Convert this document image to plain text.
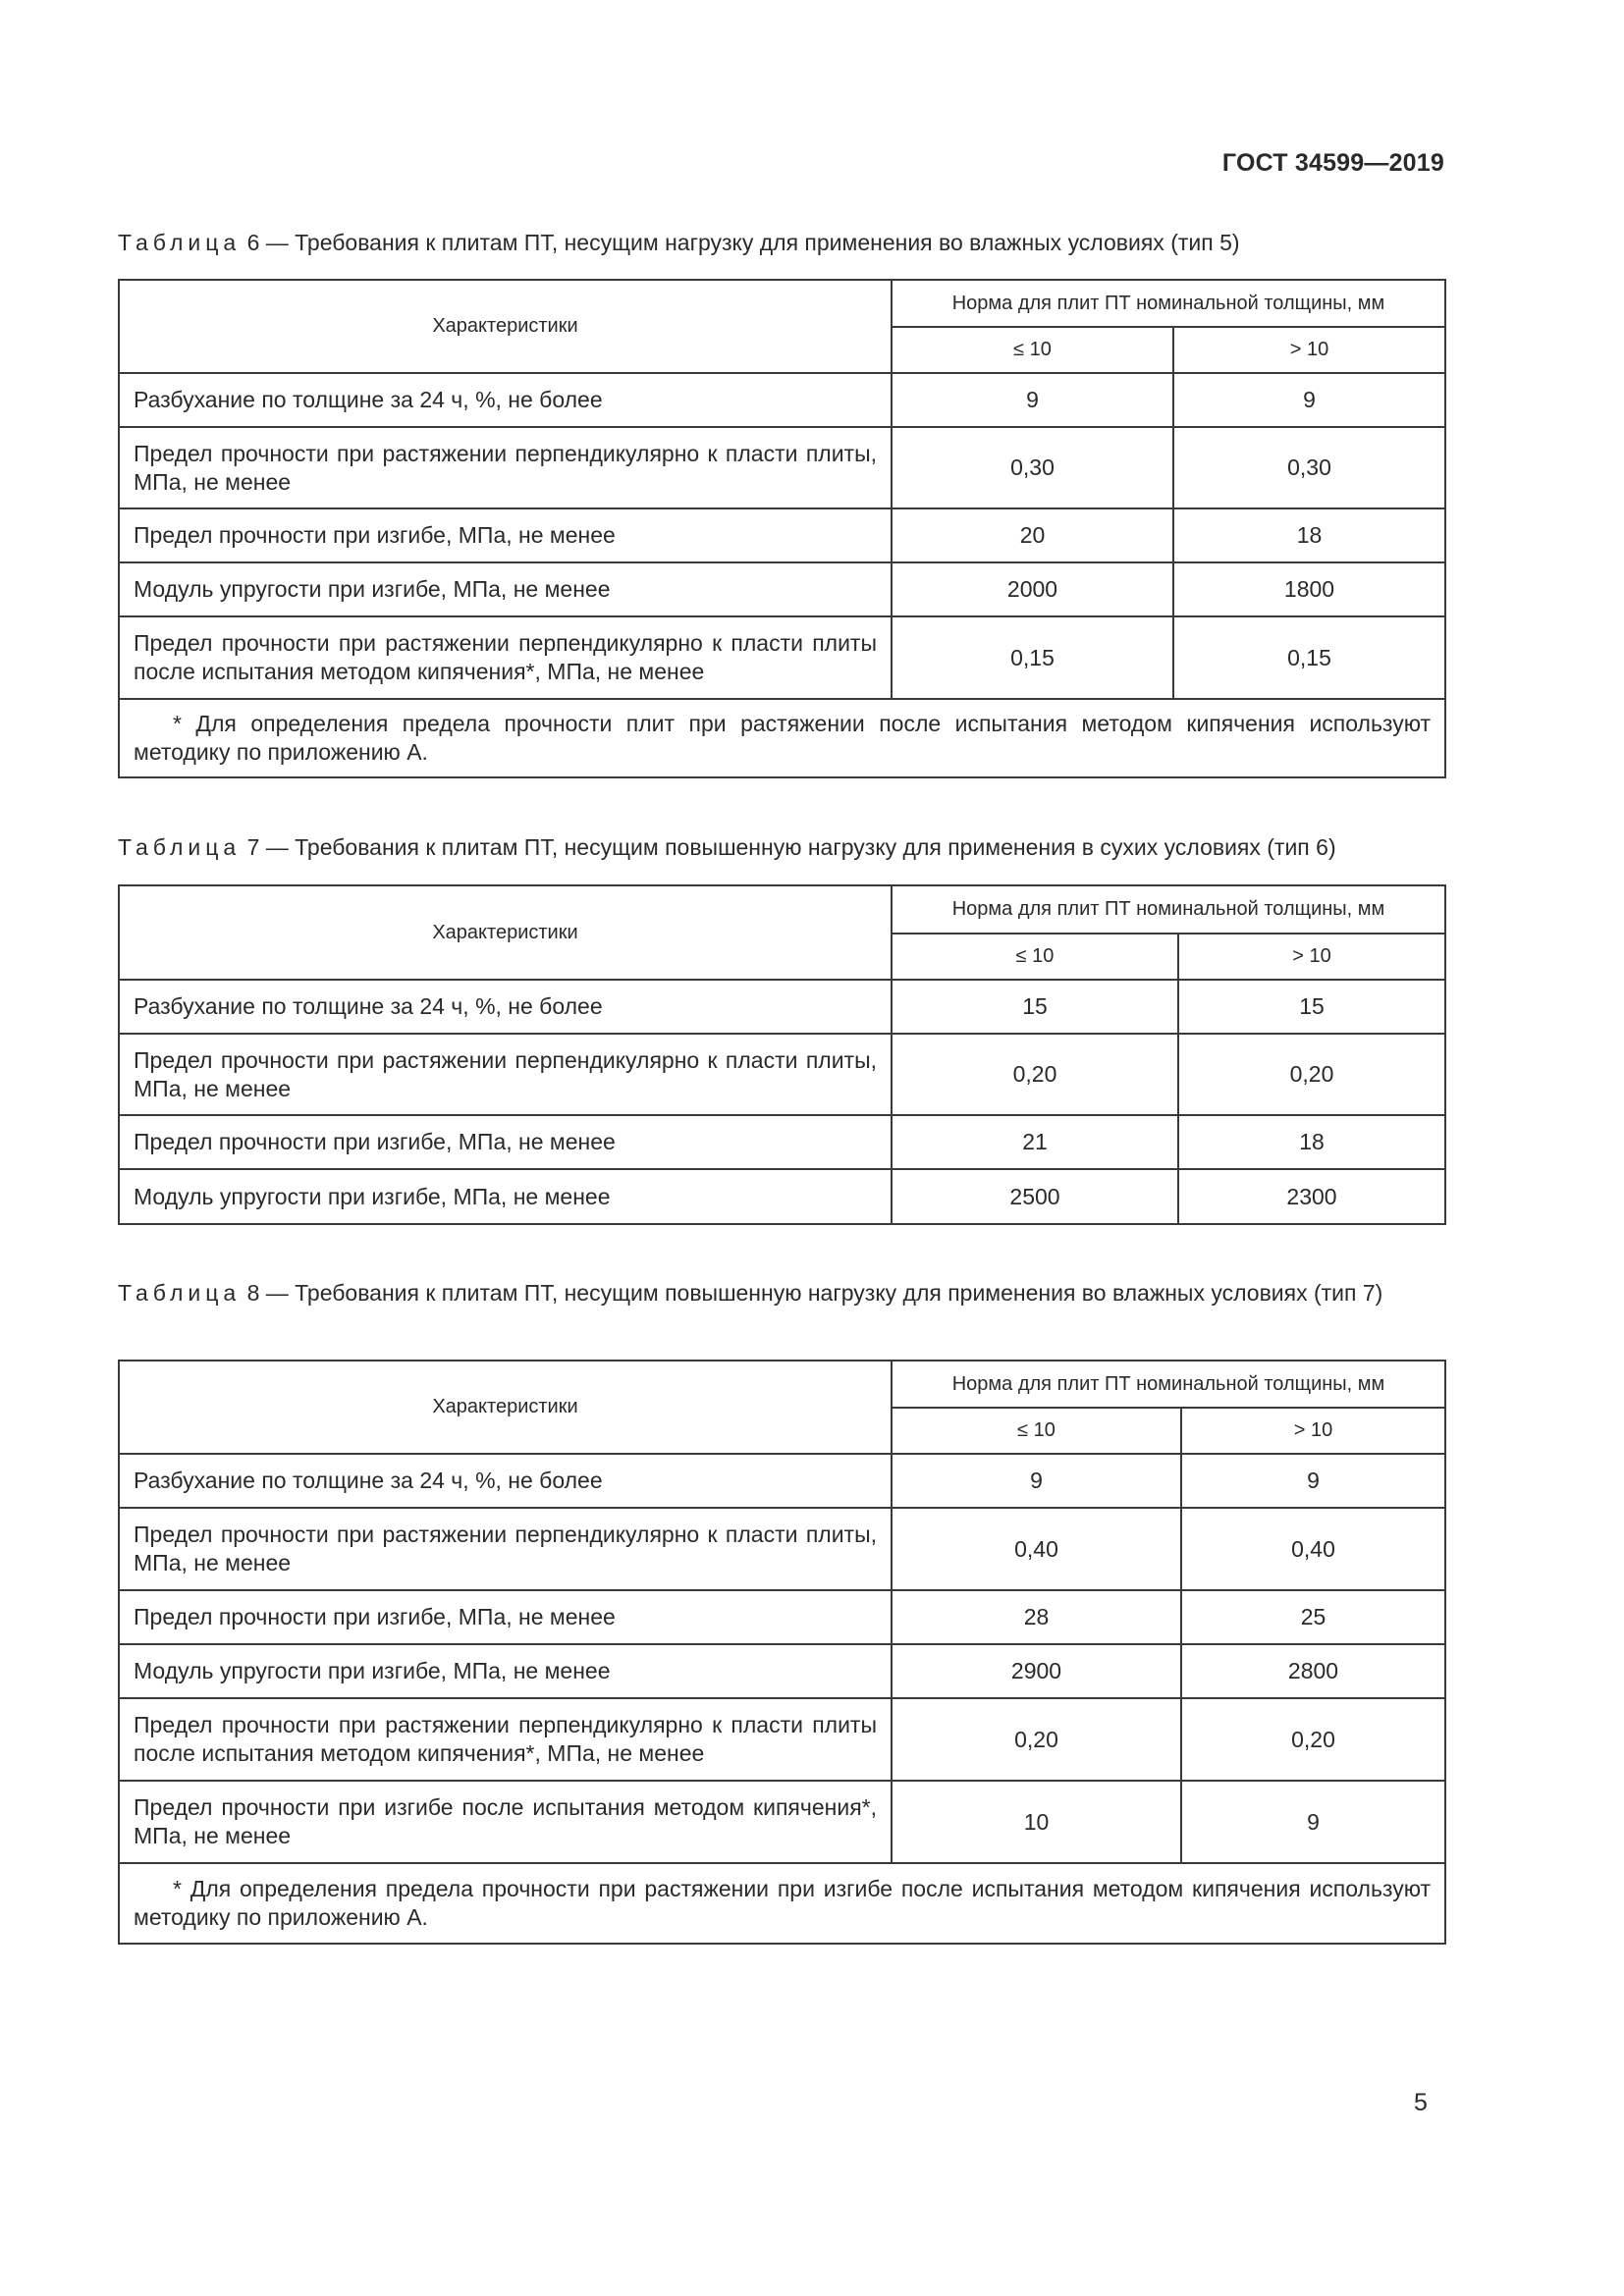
ГОСТ 34599—2019
Таблица 6 — Требования к плитам ПТ, несущим нагрузку для применения во влажных условиях (тип 5)
Характеристики	Норма для плит ПТ номинальной толщины, мм	
	≤ 10	> 10
Разбухание по толщине за 24 ч, %, не более	9	9
Предел прочности при растяжении перпендикулярно к пласти плиты, МПа, не менее	0,30	0,30
Предел прочности при изгибе, МПа, не менее	20	18
Модуль упругости при изгибе, МПа, не менее	2000	1800
Предел прочности при растяжении перпендикулярно к пласти плиты после испытания методом кипячения*, МПа, не менее	0,15	0,15
* Для определения предела прочности плит при растяжении после испытания методом кипячения используют методику по приложению А.		
Таблица 7 — Требования к плитам ПТ, несущим повышенную нагрузку для применения в сухих условиях (тип 6)
Характеристики	Норма для плит ПТ номинальной толщины, мм	
	≤ 10	> 10
Разбухание по толщине за 24 ч, %, не более	15	15
Предел прочности при растяжении перпендикулярно к пласти плиты, МПа, не менее	0,20	0,20
Предел прочности при изгибе, МПа, не менее	21	18
Модуль упругости при изгибе, МПа, не менее	2500	2300
Таблица 8 — Требования к плитам ПТ, несущим повышенную нагрузку для применения во влажных условиях (тип 7)
Характеристики	Норма для плит ПТ номинальной толщины, мм	
	≤ 10	> 10
Разбухание по толщине за 24 ч, %, не более	9	9
Предел прочности при растяжении перпендикулярно к пласти плиты, МПа, не менее	0,40	0,40
Предел прочности при изгибе, МПа, не менее	28	25
Модуль упругости при изгибе, МПа, не менее	2900	2800
Предел прочности при растяжении перпендикулярно к пласти плиты после испытания методом кипячения*, МПа, не менее	0,20	0,20
Предел прочности при изгибе после испытания методом кипячения*, МПа, не менее	10	9
* Для определения предела прочности при растяжении при изгибе после испытания методом кипячения используют методику по приложению А.		
5
